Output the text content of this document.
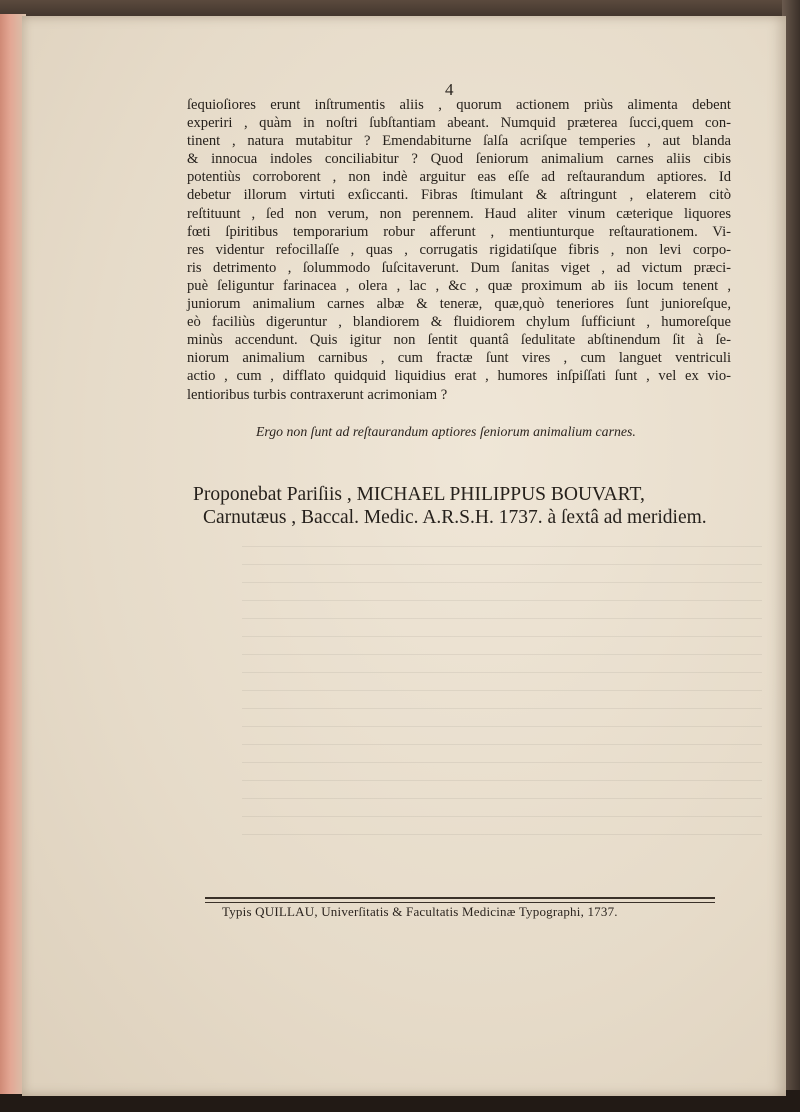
4
ſequioſiores erunt inſtrumentis aliis , quorum actionem priùs alimenta debent
experiri , quàm in noſtri ſubſtantiam abeant. Numquid præterea ſucci,quem con-
tinent , natura mutabitur ? Emendabiturne ſalſa acriſque temperies , aut blanda
& innocua indoles conciliabitur ? Quod ſeniorum animalium carnes aliis cibis
potentiùs corroborent , non indè arguitur eas eſſe ad reſtaurandum aptiores. Id
debetur illorum virtuti exſiccanti. Fibras ſtimulant & aſtringunt , elaterem citò
reſtituunt , ſed non verum, non perennem. Haud aliter vinum cæterique liquores
fœti ſpiritibus temporarium robur afferunt , mentiunturque reſtaurationem. Vi-
res videntur refocillaſſe , quas , corrugatis rigidatiſque fibris , non levi corpo-
ris detrimento , ſolummodo ſuſcitaverunt. Dum ſanitas viget , ad victum præci-
puè ſeliguntur farinacea , olera , lac , &c , quæ proximum ab iis locum tenent ,
juniorum animalium carnes albæ & teneræ, quæ,quò teneriores ſunt junioreſque,
eò faciliùs digeruntur , blandiorem & fluidiorem chylum ſufficiunt , humoreſque
minùs accendunt. Quis igitur non ſentit quantâ ſedulitate abſtinendum ſit à ſe-
niorum animalium carnibus , cum fractæ ſunt vires , cum languet ventriculi
actio , cum , difflato quidquid liquidius erat , humores inſpiſſati ſunt , vel ex vio-
lentioribus turbis contraxerunt acrimoniam ?
Ergo non ſunt ad reſtaurandum aptiores ſeniorum animalium carnes.
Proponebat Pariſiis , MICHAEL PHILIPPUS BOUVART,
Carnutæus , Baccal. Medic. A.R.S.H. 1737. à ſextâ ad meridiem.
Typis QUILLAU, Univerſitatis & Facultatis Medicinæ Typographi, 1737.
